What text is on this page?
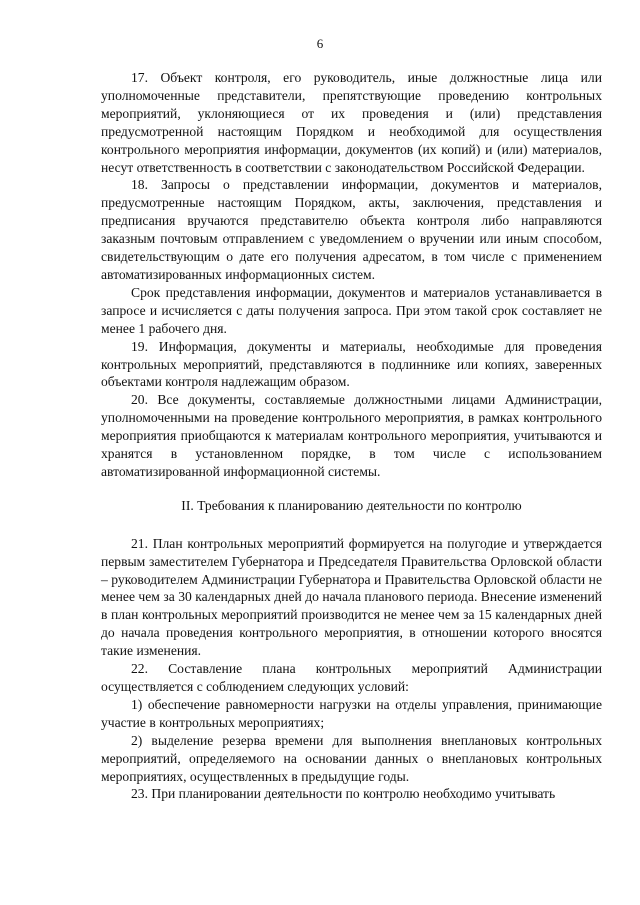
6

17. Объект контроля, его руководитель, иные должностные лица или уполномоченные представители, препятствующие проведению контрольных мероприятий, уклоняющиеся от их проведения и (или) представления предусмотренной настоящим Порядком и необходимой для осуществления контрольного мероприятия информации, документов (их копий) и (или) материалов, несут ответственность в соответствии с законодательством Российской Федерации.

18. Запросы о представлении информации, документов и материалов, предусмотренные настоящим Порядком, акты, заключения, представления и предписания вручаются представителю объекта контроля либо направляются заказным почтовым отправлением с уведомлением о вручении или иным способом, свидетельствующим о дате его получения адресатом, в том числе с применением автоматизированных информационных систем.

Срок представления информации, документов и материалов устанавливается в запросе и исчисляется с даты получения запроса. При этом такой срок составляет не менее 1 рабочего дня.

19. Информация, документы и материалы, необходимые для проведения контрольных мероприятий, представляются в подлиннике или копиях, заверенных объектами контроля надлежащим образом.

20. Все документы, составляемые должностными лицами Администрации, уполномоченными на проведение контрольного мероприятия, в рамках контрольного мероприятия приобщаются к материалам контрольного мероприятия, учитываются и хранятся в установленном порядке, в том числе с использованием автоматизированной информационной системы.

II. Требования к планированию деятельности по контролю

21. План контрольных мероприятий формируется на полугодие и утверждается первым заместителем Губернатора и Председателя Правительства Орловской области – руководителем Администрации Губернатора и Правительства Орловской области не менее чем за 30 календарных дней до начала планового периода. Внесение изменений в план контрольных мероприятий производится не менее чем за 15 календарных дней до начала проведения контрольного мероприятия, в отношении которого вносятся такие изменения.

22. Составление плана контрольных мероприятий Администрации осуществляется с соблюдением следующих условий:

1) обеспечение равномерности нагрузки на отделы управления, принимающие участие в контрольных мероприятиях;

2) выделение резерва времени для выполнения внеплановых контрольных мероприятий, определяемого на основании данных о внеплановых контрольных мероприятиях, осуществленных в предыдущие годы.

23. При планировании деятельности по контролю необходимо учитывать
